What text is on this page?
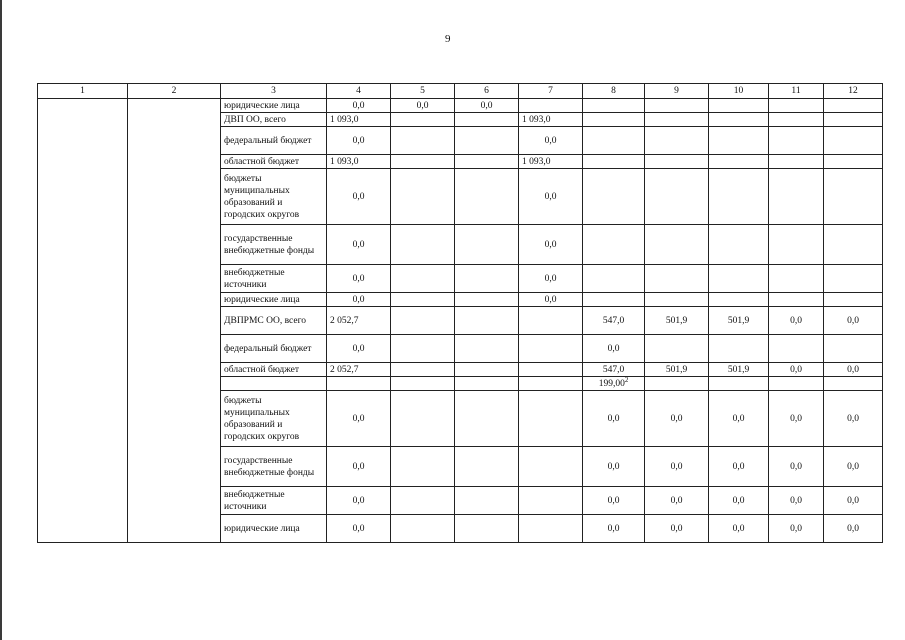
9
1	2	3	4	5	6	7	8	9	10	11	12
		юридические лица	0,0	0,0	0,0						
		ДВП ОО, всего	1 093,0			1 093,0					
		федеральный бюджет	0,0			0,0					
		областной бюджет	1 093,0			1 093,0					
		бюджеты муниципальных образований и городских округов	0,0			0,0					
		государственные внебюджетные фонды	0,0			0,0					
		внебюджетные источники	0,0			0,0					
		юридические лица	0,0			0,0					
		ДВПРМС ОО, всего	2 052,7				547,0	501,9	501,9	0,0	0,0
		федеральный бюджет	0,0				0,0				
		областной бюджет	2 052,7				547,0	501,9	501,9	0,0	0,0
							199,00$^2$				
		бюджеты муниципальных образований и городских округов	0,0				0,0	0,0	0,0	0,0	0,0
		государственные внебюджетные фонды	0,0				0,0	0,0	0,0	0,0	0,0
		внебюджетные источники	0,0				0,0	0,0	0,0	0,0	0,0
		юридические лица	0,0				0,0	0,0	0,0	0,0	0,0
